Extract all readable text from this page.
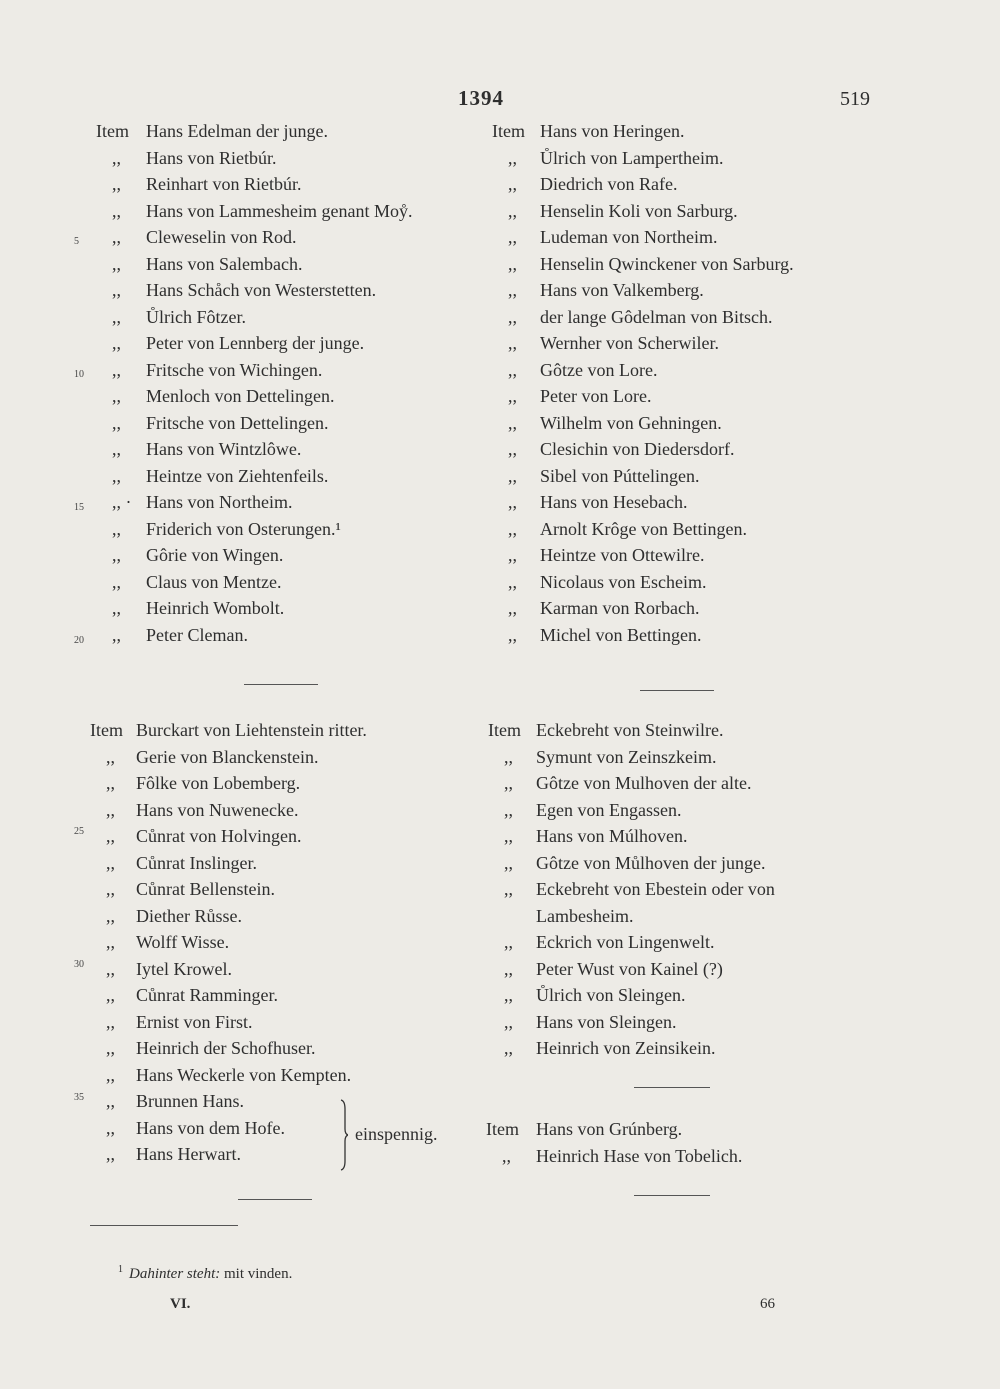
1394	519
Item Hans Edelman der junge.
,, Hans von Rietbúr.
,, Reinhart von Rietbúr.
,, Hans von Lammesheim genant Moẙ.
,, Cleweselin von Rod.
,, Hans von Salembach.
,, Hans Schåch von Westerstetten.
,, Ůlrich Fôtzer.
,, Peter von Lennberg der junge.
,, Fritsche von Wichingen.
,, Menloch von Dettelingen.
,, Fritsche von Dettelingen.
,, Hans von Wintzlôwe.
,, Heintze von Ziehtenfeils.
,, · Hans von Northeim.
,, Friderich von Osterungen.¹
,, Gôrie von Wingen.
,, Claus von Mentze.
,, Heinrich Wombolt.
,, Peter Cleman.
Item Hans von Heringen.
,, Ůlrich von Lampertheim.
,, Diedrich von Rafe.
,, Henselin Koli von Sarburg.
,, Ludeman von Northeim.
,, Henselin Qwinckener von Sarburg.
,, Hans von Valkemberg.
,, der lange Gôdelman von Bitsch.
,, Wernher von Scherwiler.
,, Gôtze von Lore.
,, Peter von Lore.
,, Wilhelm von Gehningen.
,, Clesichin von Diedersdorf.
,, Sibel von Púttelingen.
,, Hans von Hesebach.
,, Arnolt Krôge von Bettingen.
,, Heintze von Ottewilre.
,, Nicolaus von Escheim.
,, Karman von Rorbach.
,, Michel von Bettingen.
Item Burckart von Liehtenstein ritter.
,, Gerie von Blanckenstein.
,, Fôlke von Lobemberg.
,, Hans von Nuwenecke.
,, Cůnrat von Holvingen.
,, Cůnrat Inslinger.
,, Cůnrat Bellenstein.
,, Diether Růsse.
,, Wolff Wisse.
,, Iytel Krowel.
,, Cůnrat Ramminger.
,, Ernist von First.
,, Heinrich der Schofhuser.
,, Hans Weckerle von Kempten.
,, Brunnen Hans.
,, Hans von dem Hofe.
,, Hans Herwart.
Item Eckebreht von Steinwilre.
,, Symunt von Zeinszkeim.
,, Gôtze von Mulhoven der alte.
,, Egen von Engassen.
,, Hans von Múlhoven.
,, Gôtze von Můlhoven der junge.
,, Eckebreht von Ebestein oder von
Lambesheim.
,, Eckrich von Lingenwelt.
,, Peter Wust von Kainel (?)
,, Ůlrich von Sleingen.
,, Hans von Sleingen.
,, Heinrich von Zeinsikein.
Item Hans von Grúnberg.
,, Heinrich Hase von Tobelich.
5
10
15
20
25
30
35
einspennig.
$^1$ Dahinter steht: mit vinden.
VI.	66
